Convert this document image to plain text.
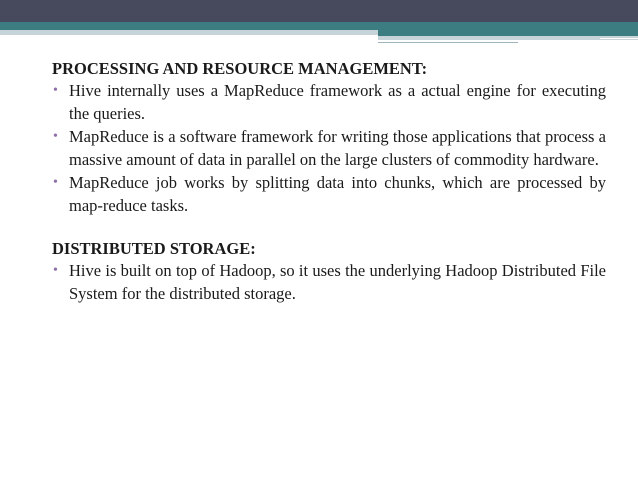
PROCESSING AND RESOURCE MANAGEMENT:

• Hive internally uses a MapReduce framework as a actual engine for executing the queries.
• MapReduce is a software framework for writing those applications that process a massive amount of data in parallel on the large clusters of commodity hardware.
• MapReduce job works by splitting data into chunks, which are processed by map-reduce tasks.

DISTRIBUTED STORAGE:

• Hive is built on top of Hadoop, so it uses the underlying Hadoop Distributed File System for the distributed storage.
